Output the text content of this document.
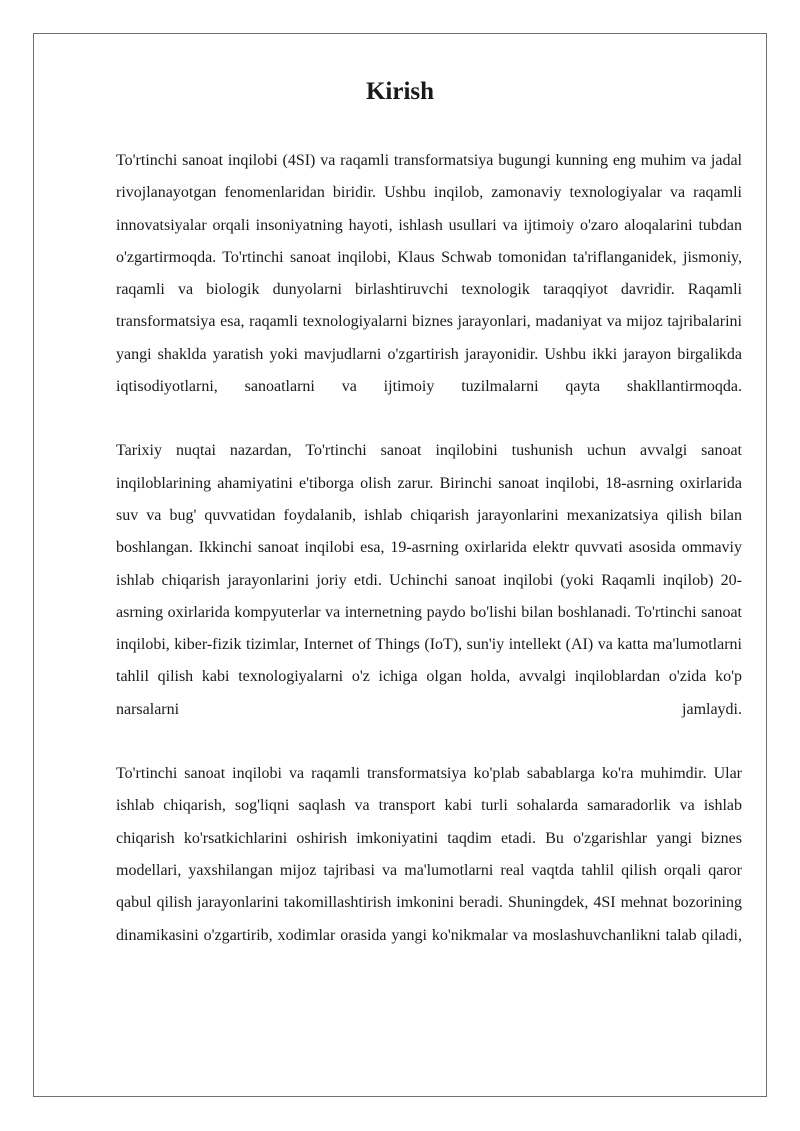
Kirish

To'rtinchi sanoat inqilobi (4SI) va raqamli transformatsiya bugungi kunning eng muhim va jadal rivojlanayotgan fenomenlaridan biridir. Ushbu inqilob, zamonaviy texnologiyalar va raqamli innovatsiyalar orqali insoniyatning hayoti, ishlash usullari va ijtimoiy o'zaro aloqalarini tubdan o'zgartirmoqda. To'rtinchi sanoat inqilobi, Klaus Schwab tomonidan ta'riflanganidek, jismoniy, raqamli va biologik dunyolarni birlashtiruvchi texnologik taraqqiyot davridir. Raqamli transformatsiya esa, raqamli texnologiyalarni biznes jarayonlari, madaniyat va mijoz tajribalarini yangi shaklda yaratish yoki mavjudlarni o'zgartirish jarayonidir. Ushbu ikki jarayon birgalikda iqtisodiyotlarni, sanoatlarni va ijtimoiy tuzilmalarni qayta shakllantirmoqda.

Tarixiy nuqtai nazardan, To'rtinchi sanoat inqilobini tushunish uchun avvalgi sanoat inqiloblarining ahamiyatini e'tiborga olish zarur. Birinchi sanoat inqilobi, 18-asrning oxirlarida suv va bug' quvvatidan foydalanib, ishlab chiqarish jarayonlarini mexanizatsiya qilish bilan boshlangan. Ikkinchi sanoat inqilobi esa, 19-asrning oxirlarida elektr quvvati asosida ommaviy ishlab chiqarish jarayonlarini joriy etdi. Uchinchi sanoat inqilobi (yoki Raqamli inqilob) 20-asrning oxirlarida kompyuterlar va internetning paydo bo'lishi bilan boshlanadi. To'rtinchi sanoat inqilobi, kiber-fizik tizimlar, Internet of Things (IoT), sun'iy intellekt (AI) va katta ma'lumotlarni tahlil qilish kabi texnologiyalarni o'z ichiga olgan holda, avvalgi inqiloblardan o'zida ko'p narsalarni jamlaydi.

To'rtinchi sanoat inqilobi va raqamli transformatsiya ko'plab sabablarga ko'ra muhimdir. Ular ishlab chiqarish, sog'liqni saqlash va transport kabi turli sohalarda samaradorlik va ishlab chiqarish ko'rsatkichlarini oshirish imkoniyatini taqdim etadi. Bu o'zgarishlar yangi biznes modellari, yaxshilangan mijoz tajribasi va ma'lumotlarni real vaqtda tahlil qilish orqali qaror qabul qilish jarayonlarini takomillashtirish imkonini beradi. Shuningdek, 4SI mehnat bozorining dinamikasini o'zgartirib, xodimlar orasida yangi ko'nikmalar va moslashuvchanlikni talab qiladi,
